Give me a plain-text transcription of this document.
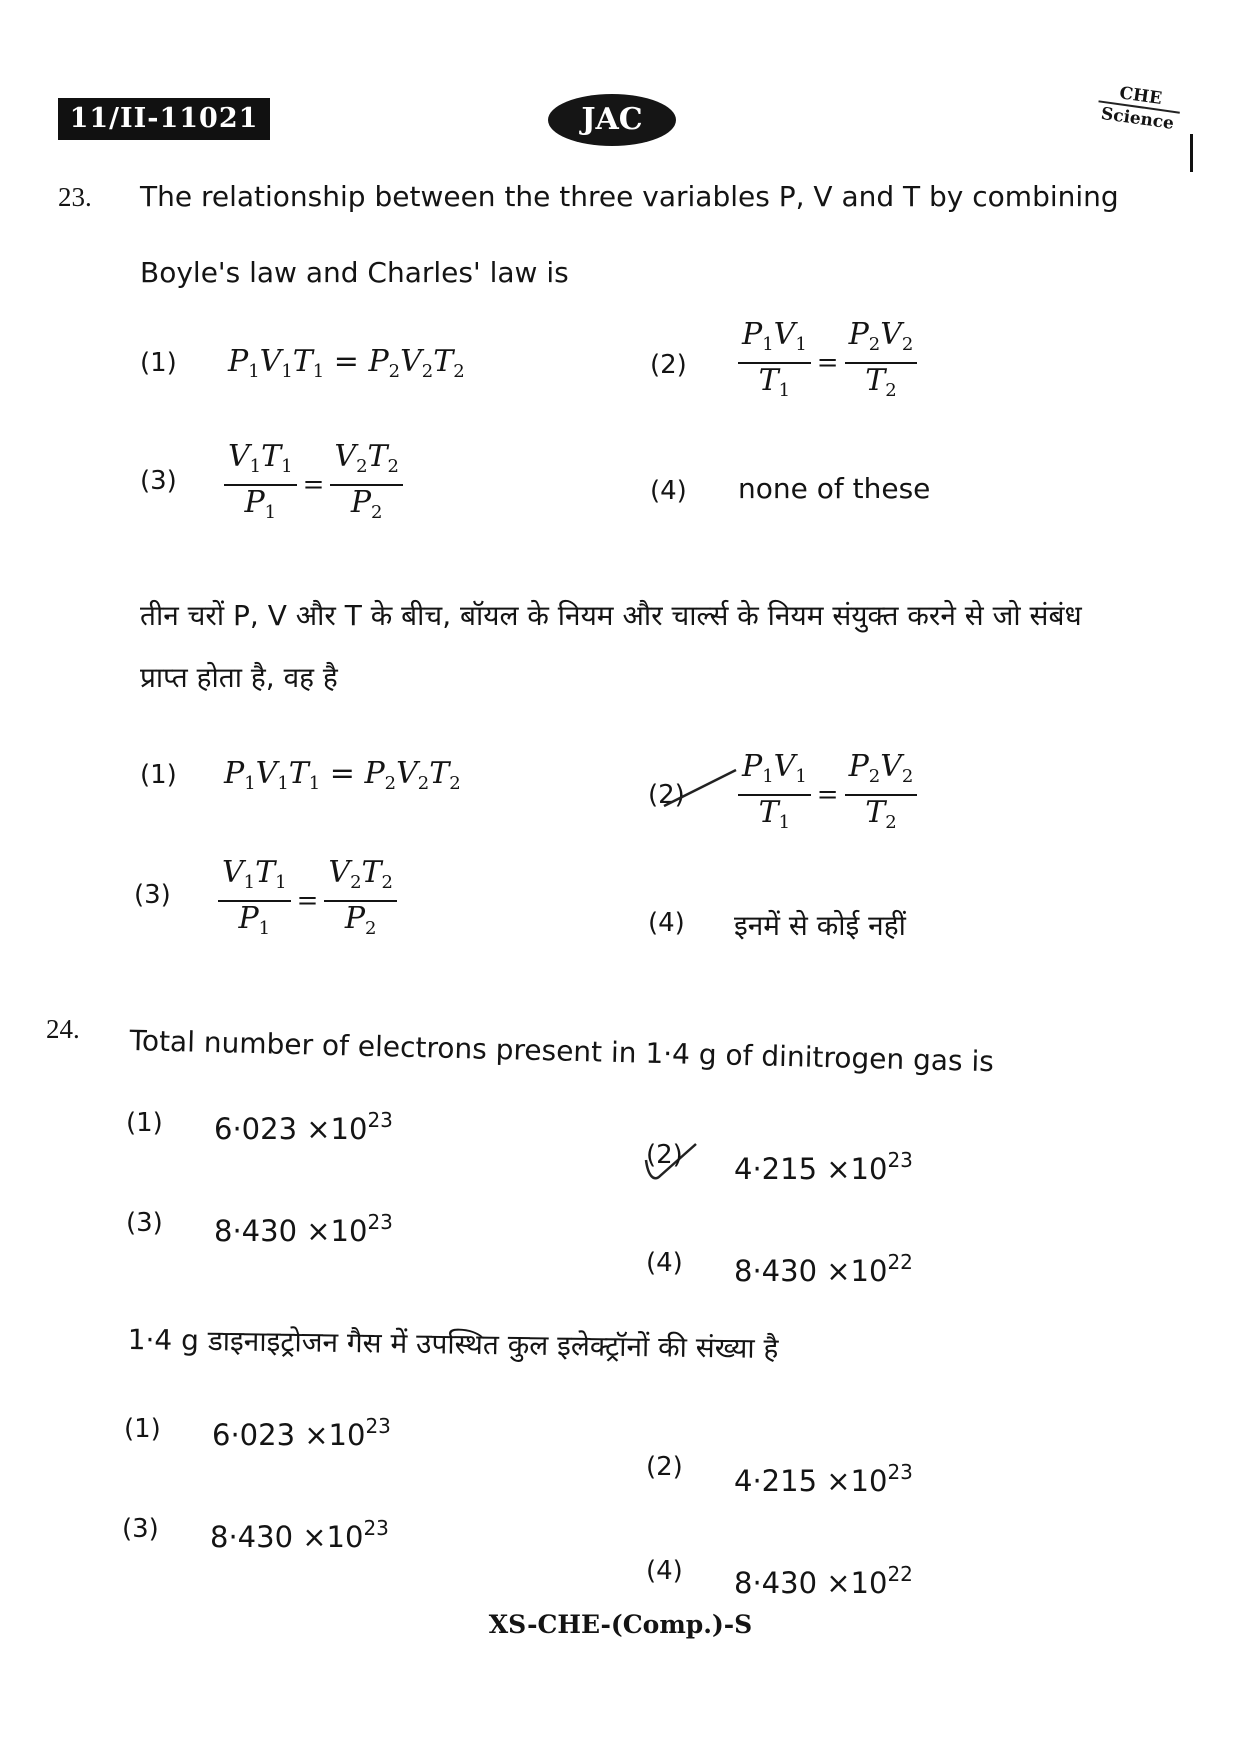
11/II-11021	JAC
CHE
Science
23. The relationship between the three variables P, V and T by combining
Boyle's law and Charles' law is
(1) $P_1V_1T_1 = P_2V_2T_2$	$(2) \frac{P_1V_1}{T_1} = \frac{P_2V_2}{T_2}$
$(3) \frac{V_1T_1}{P_1} = \frac{V_2T_2}{P_2}$	(4) none of these
तीन चरों P, V और T के बीच, बॉयल के नियम और चार्ल्स के नियम संयुक्त करने से जो संबंध
प्राप्त होता है, वह है
(1) $P_1V_1T_1 = P_2V_2T_2$	$(2) \frac{P_1V_1}{T_1} = \frac{P_2V_2}{T_2}$
$(3) \frac{V_1T_1}{P_1} = \frac{V_2T_2}{P_2}$	(4) इनमें से कोई नहीं
24. Total number of electrons present in 1·4 g of dinitrogen gas is
(1) $6\cdot 023 \times 10^{23}$
(2) $4\cdot 215 \times 10^{23}$
(3) $8\cdot 430 \times 10^{23}$
(4) $8\cdot 430 \times 10^{22}$
1·4 g डाइनाइट्रोजन गैस में उपस्थित कुल इलेक्ट्रॉनों की संख्या है
(1) $6\cdot 023 \times 10^{23}$
(2) $4\cdot 215 \times 10^{23}$
(3) $8\cdot 430 \times 10^{23}$
(4) $8\cdot 430 \times 10^{22}$
XS-CHE-(Comp.)-S
